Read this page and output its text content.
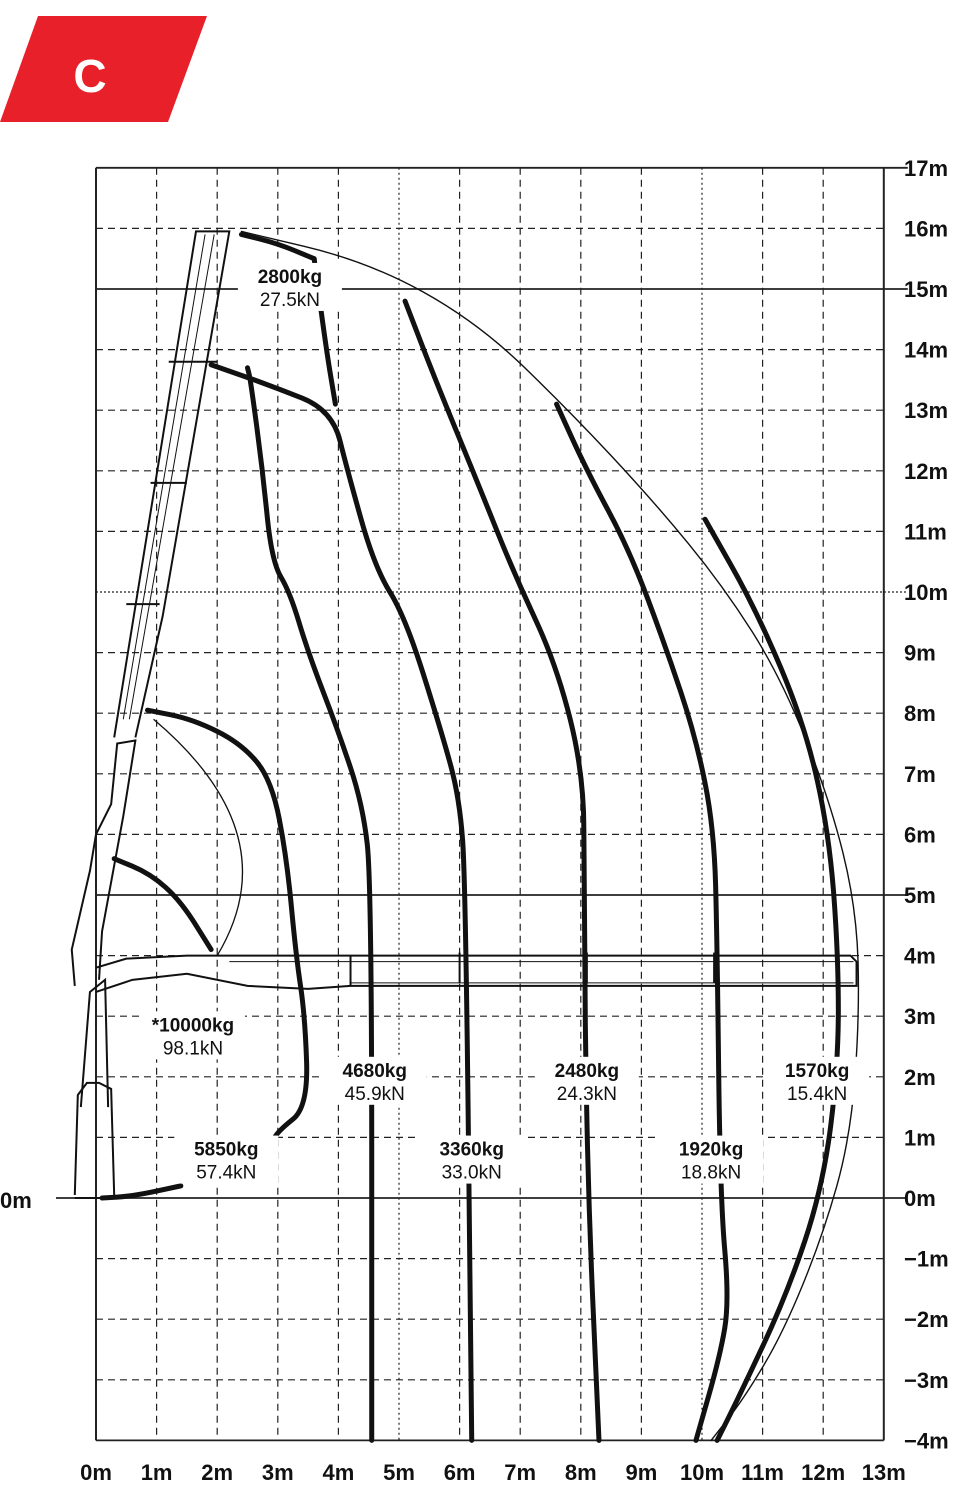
C
0m 1m 2m 3m 4m 5m 6m 7m 8m 9m 10m 11m 12m 13m
−4m
−3m
−2m
−1m
0m
1m
2m
3m
4m
5m
6m
7m
8m
9m
10m
11m
12m
13m
14m
15m
16m
17m
0m
2800kg
27.5kN
*10000kg
98.1kN
4680kg
45.9kN
5850kg
57.4kN
3360kg
33.0kN
2480kg
24.3kN
1920kg
18.8kN
1570kg
15.4kN
